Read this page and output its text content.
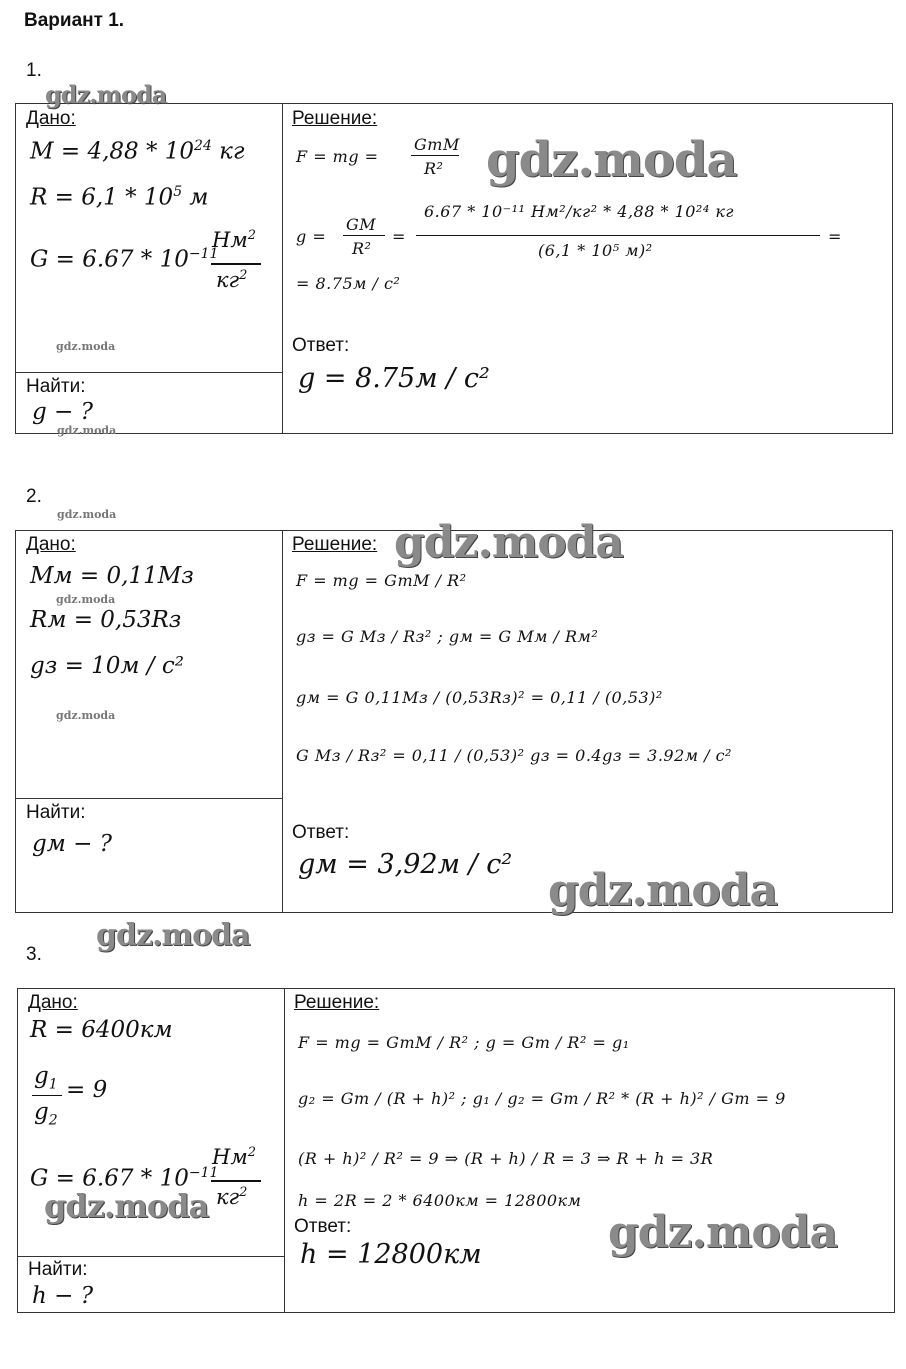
Вариант 1.
1.
Дано:
$M = 4,88 * 10^{24}$ кг
$R = 6,1 * 10^5$ м
$G = 6.67 * 10^{-11}$
$Нм^2$
$кг^2$
gdz.moda
Найти:
g − ?
Решение:
F = mg =
GmM
R²
g =
GM
R²
=
6.67 * 10⁻¹¹ Нм²/кг² * 4,88 * 10²⁴ кг
(6,1 * 10⁵ м)²
=
= 8.75м / с²
Ответ:
g = 8.75м / с²
gdz.moda
gdz.moda
gdz.moda
2.
gdz.moda
Дано:
Mм = 0,11Mз
gdz.moda
Rм = 0,53Rз
gз = 10м / с²
gdz.moda
Найти:
gм − ?
Решение:
F = mg = GmM / R²
gз = G Mз / Rз² ; gм = G Mм / Rм²
gм = G 0,11Mз / (0,53Rз)² = 0,11 / (0,53)²
G Mз / Rз² = 0,11 / (0,53)² gз = 0.4gз = 3.92м / с²
Ответ:
gм = 3,92м / с²
gdz.moda
gdz.moda
3.
gdz.moda
Дано:
R = 6400км
$g_1$
$g_2$
= 9
$G = 6.67 * 10^{-11}$
$Нм^2$
$кг^2$
gdz.moda
Найти:
h − ?
Решение:
F = mg = GmM / R² ; g = Gm / R² = g₁
g₂ = Gm / (R + h)² ; g₁ / g₂ = Gm / R² * (R + h)² / Gm = 9
(R + h)² / R² = 9 ⇒ (R + h) / R = 3 ⇒ R + h = 3R
h = 2R = 2 * 6400км = 12800км
Ответ:
h = 12800км	gdz.moda
